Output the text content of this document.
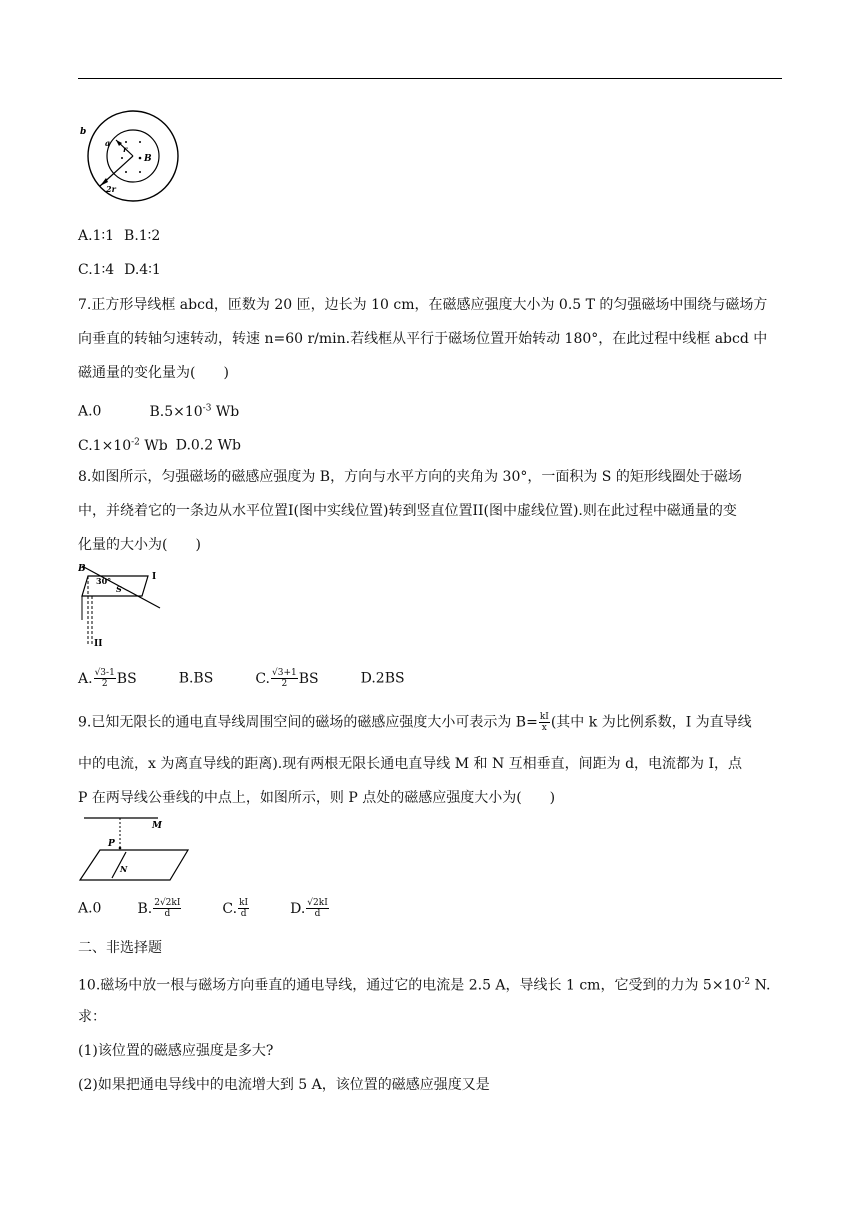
b
a
r
B
2r
A.1∶1 B.1∶2
C.1∶4 D.4∶1
7.正方形导线框 abcd，匝数为 20 匝，边长为 10 cm，在磁感应强度大小为 0.5 T 的匀强磁场中围绕与磁场方
向垂直的转轴匀速转动，转速 n=60 r/min.若线框从平行于磁场位置开始转动 180°，在此过程中线框 abcd 中
磁通量的变化量为(　　)
A.0	$B.5\times 10^{-3}$ Wb
$C.1\times 10^{-2}$ Wb D.0.2 Wb
8.如图所示，匀强磁场的磁感应强度为 B，方向与水平方向的夹角为 30°，一面积为 S 的矩形线圈处于磁场
中，并绕着它的一条边从水平位置I(图中实线位置)转到竖直位置II(图中虚线位置).则在此过程中磁通量的变
化量的大小为(　　)
B
30°
S
I
II
A. $\frac{√3-1}{2}$ BS	B.BS	C. $\frac{√3+1}{2}$ BS	D.2BS
9.已知无限长的通电直导线周围空间的磁场的磁感应强度大小可表示为 $B= \frac{kI}{x}$ (其中 k 为比例系数，I 为直导线
中的电流，x 为离直导线的距离).现有两根无限长通电直导线 M 和 N 互相垂直，间距为 d，电流都为 I，点
P 在两导线公垂线的中点上，如图所示，则 P 点处的磁感应强度大小为(　　)
M
P
N
A.0	B. $\frac{2√2kI}{d}$	C. $\frac{kI}{d}$	D. $\frac{√2kI}{d}$
二、非选择题
10.磁场中放一根与磁场方向垂直的通电导线，通过它的电流是 2.5 A，导线长 1 cm，它受到的力为 $5\times 10^{-2}$ N.
求：
(1)该位置的磁感应强度是多大?
(2)如果把通电导线中的电流增大到 5 A，该位置的磁感应强度又是
